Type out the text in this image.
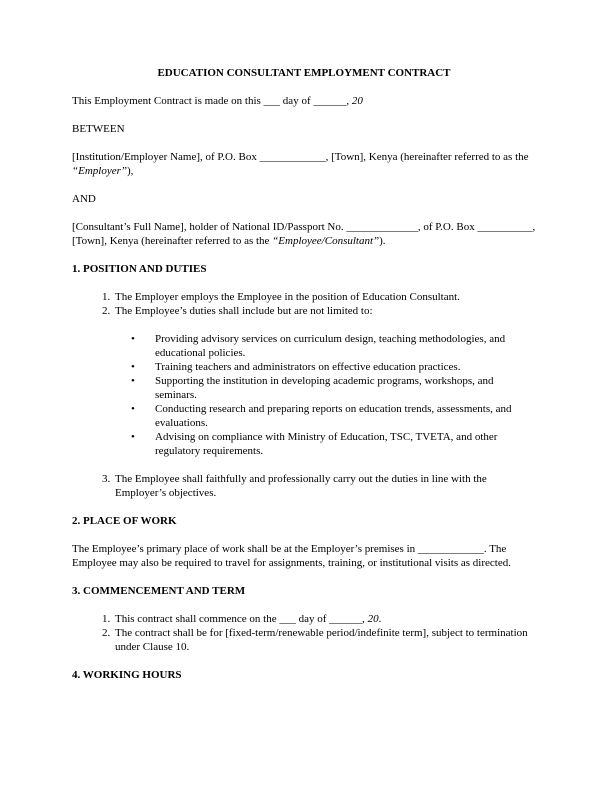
EDUCATION CONSULTANT EMPLOYMENT CONTRACT

This Employment Contract is made on this ___ day of ______, 20

BETWEEN

[Institution/Employer Name], of P.O. Box ____________, [Town], Kenya (hereinafter referred to as the “Employer”),

AND

[Consultant’s Full Name], holder of National ID/Passport No. _____________, of P.O. Box __________, [Town], Kenya (hereinafter referred to as the “Employee/Consultant”).

1. POSITION AND DUTIES
1. The Employer employs the Employee in the position of Education Consultant.
2. The Employee’s duties shall include but are not limited to:
• Providing advisory services on curriculum design, teaching methodologies, and educational policies.
• Training teachers and administrators on effective education practices.
• Supporting the institution in developing academic programs, workshops, and seminars.
• Conducting research and preparing reports on education trends, assessments, and evaluations.
• Advising on compliance with Ministry of Education, TSC, TVETA, and other regulatory requirements.
3. The Employee shall faithfully and professionally carry out the duties in line with the Employer’s objectives.
2. PLACE OF WORK

The Employee’s primary place of work shall be at the Employer’s premises in ____________. The Employee may also be required to travel for assignments, training, or institutional visits as directed.

3. COMMENCEMENT AND TERM
1. This contract shall commence on the ___ day of ______, 20.
2. The contract shall be for [fixed-term/renewable period/indefinite term], subject to termination under Clause 10.
4. WORKING HOURS
